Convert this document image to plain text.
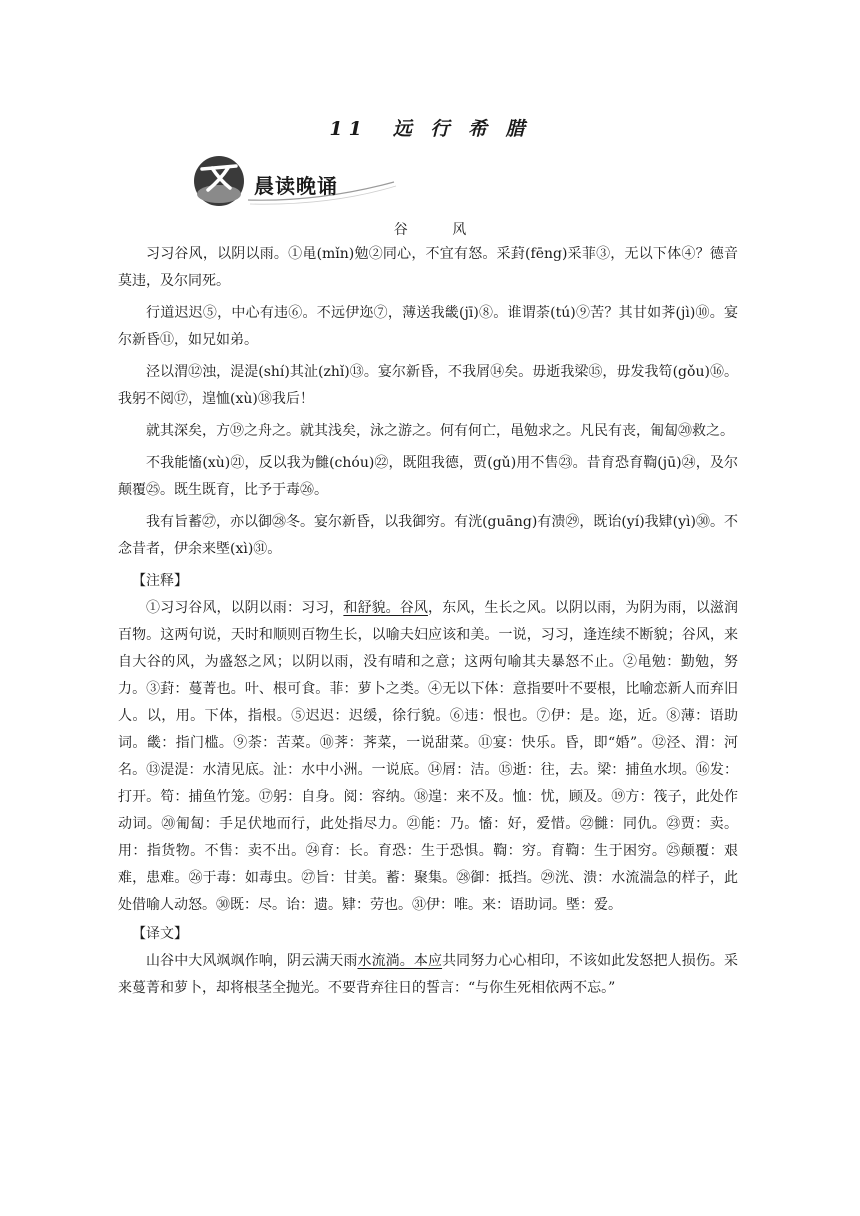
11　远 行 希 腊
晨读晚诵
谷 风

习习谷风，以阴以雨。①黾(mǐn)勉②同心，不宜有怒。采葑(fēng)采菲③，无以下体④？德音莫违，及尔同死。

行道迟迟⑤，中心有违⑥。不远伊迩⑦，薄送我畿(jī)⑧。谁谓荼(tú)⑨苦？其甘如荠(jì)⑩。宴尔新昏⑪，如兄如弟。

泾以渭⑫浊，湜湜(shí)其沚(zhǐ)⑬。宴尔新昏，不我屑⑭矣。毋逝我梁⑮，毋发我笱(gǒu)⑯。我躬不阅⑰，遑恤(xù)⑱我后！

就其深矣，方⑲之舟之。就其浅矣，泳之游之。何有何亡，黾勉求之。凡民有丧，匍匐⑳救之。

不我能慉(xù)㉑，反以我为雠(chóu)㉒，既阻我德，贾(gǔ)用不售㉓。昔育恐育鞫(jū)㉔，及尔颠覆㉕。既生既育，比予于毒㉖。

我有旨蓄㉗，亦以御㉘冬。宴尔新昏，以我御穷。有洸(guāng)有溃㉙，既诒(yí)我肄(yì)㉚。不念昔者，伊余来塈(xì)㉛。

【注释】

①习习谷风，以阴以雨：习习，和舒貌。谷风，东风，生长之风。以阴以雨，为阴为雨，以滋润百物。这两句说，天时和顺则百物生长，以喻夫妇应该和美。一说，习习，逢连续不断貌；谷风，来自大谷的风，为盛怒之风；以阴以雨，没有晴和之意；这两句喻其夫暴怒不止。②黾勉：勤勉，努力。③葑：蔓菁也。叶、根可食。菲：萝卜之类。④无以下体：意指要叶不要根，比喻恋新人而弃旧人。以，用。下体，指根。⑤迟迟：迟缓，徐行貌。⑥违：恨也。⑦伊：是。迩，近。⑧薄：语助词。畿：指门槛。⑨荼：苦菜。⑩荠：荠菜，一说甜菜。⑪宴：快乐。昏，即“婚”。⑫泾、渭：河名。⑬湜湜：水清见底。沚：水中小洲。一说底。⑭屑：洁。⑮逝：往，去。梁：捕鱼水坝。⑯发：打开。笱：捕鱼竹笼。⑰躬：自身。阅：容纳。⑱遑：来不及。恤：忧，顾及。⑲方：筏子，此处作动词。⑳匍匐：手足伏地而行，此处指尽力。㉑能：乃。慉：好，爱惜。㉒雠：同仇。㉓贾：卖。用：指货物。不售：卖不出。㉔育：长。育恐：生于恐惧。鞫：穷。育鞫：生于困穷。㉕颠覆：艰难，患难。㉖于毒：如毒虫。㉗旨：甘美。蓄：聚集。㉘御：抵挡。㉙洸、溃：水流湍急的样子，此处借喻人动怒。㉚既：尽。诒：遗。肄：劳也。㉛伊：唯。来：语助词。塈：爱。

【译文】

山谷中大风飒飒作响，阴云满天雨水流淌。本应共同努力心心相印，不该如此发怒把人损伤。采来蔓菁和萝卜，却将根茎全抛光。不要背弃往日的誓言：“与你生死相依两不忘。”
